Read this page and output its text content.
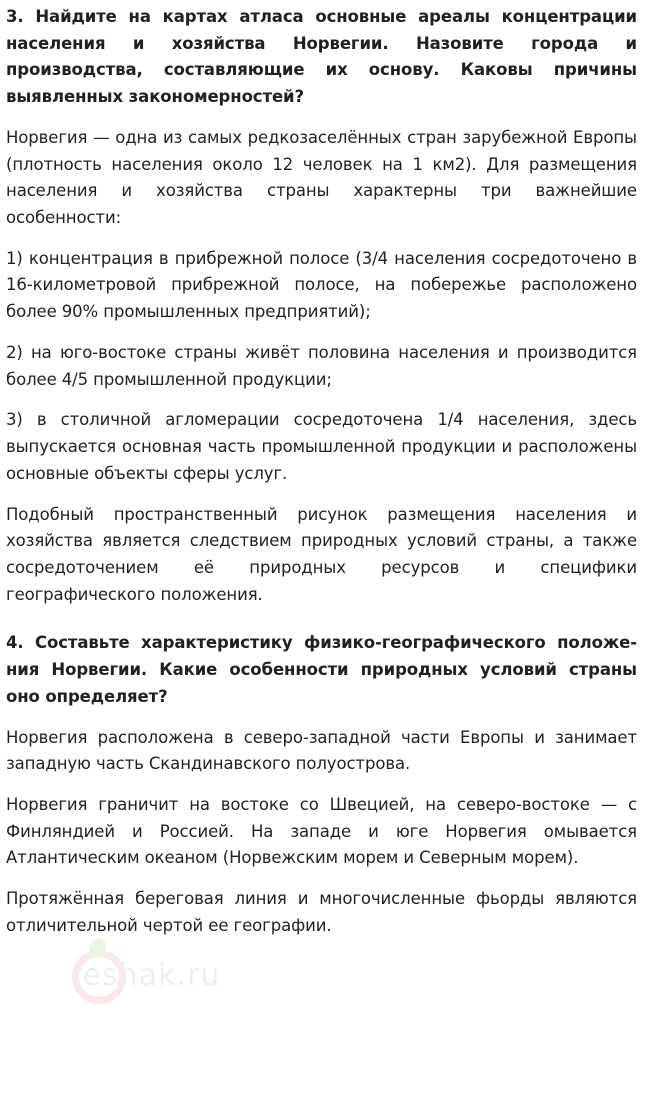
reshak.ru

3. Найдите на картах атласа основные ареалы концентрации населения и хозяйства Норвегии. Назовите города и производства, составляющие их основу. Каковы причины выявленных закономерностей?

Норвегия — одна из самых редкозаселённых стран зарубежной Европы (плотность населения около 12 человек на 1 км2). Для размещения населения и хозяйства страны характерны три важнейшие особенности:

1) концентрация в прибрежной полосе (3/4 населения сосредоточено в 16-километровой прибрежной полосе, на побережье расположено более 90% промышленных предприятий);

2) на юго-востоке страны живёт половина населения и производится более 4/5 промышленной продукции;

3) в столичной агломерации сосредоточена 1/4 населения, здесь выпускается основная часть промышленной продукции и расположены основные объекты сферы услуг.

Подобный пространственный рисунок размещения населения и хозяйства является следствием природных условий страны, а также сосредоточением её природных ресурсов и специфики географического положения.

4. Составьте характеристику физико-географического положе-ния Норвегии. Какие особенности природных условий страны оно определяет?

Норвегия расположена в северо-западной части Европы и занимает западную часть Скандинавского полуострова.

Норвегия граничит на востоке со Швецией, на северо-востоке — с Финляндией и Россией. На западе и юге Норвегия омывается Атлантическим океаном (Норвежским морем и Северным морем).

Протяжённая береговая линия и многочисленные фьорды являются отличительной чертой ее географии.
